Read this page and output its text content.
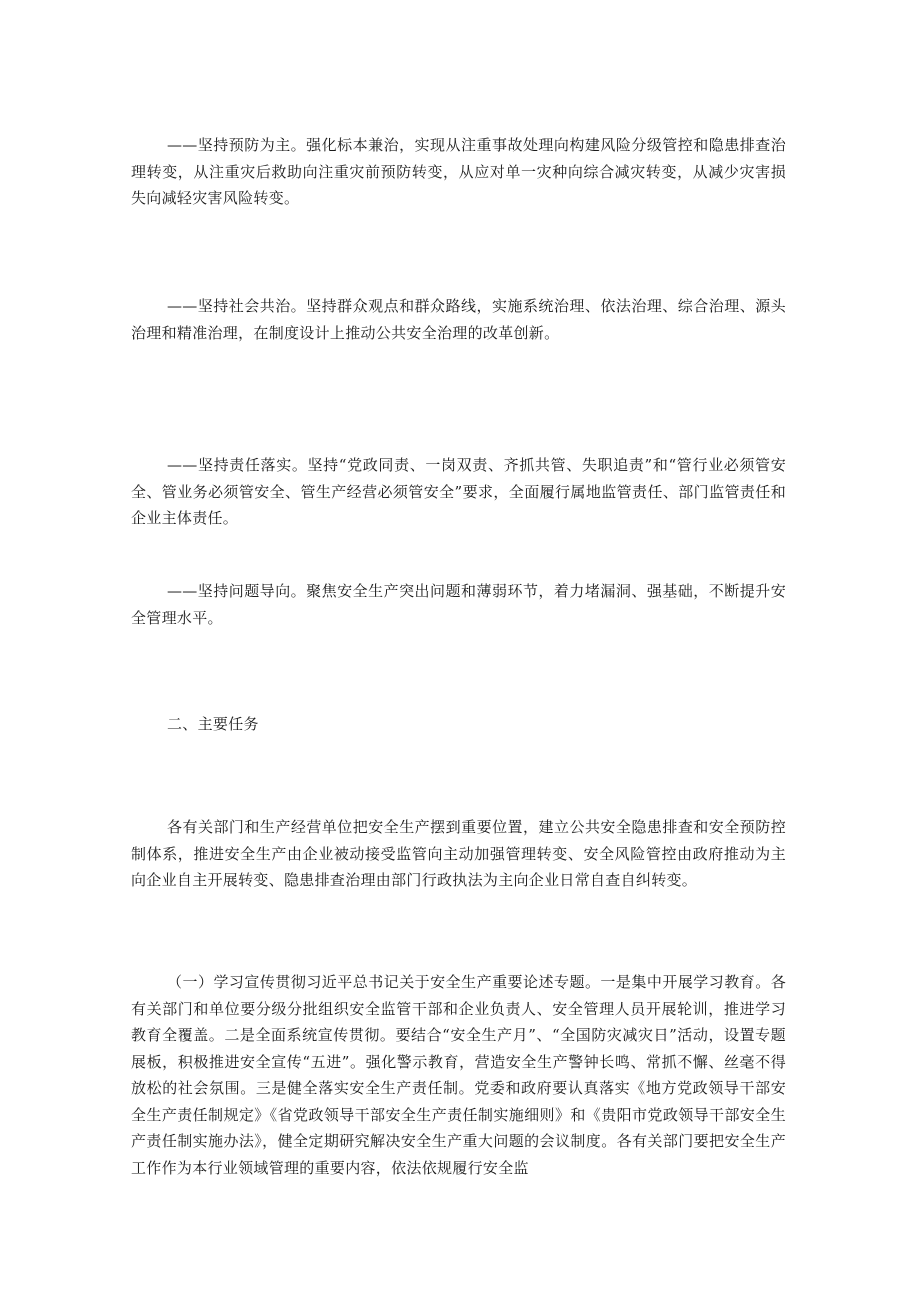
——坚持预防为主。强化标本兼治，实现从注重事故处理向构建风险分级管控和隐患排查治理转变，从注重灾后救助向注重灾前预防转变，从应对单一灾种向综合减灾转变，从减少灾害损失向减轻灾害风险转变。

——坚持社会共治。坚持群众观点和群众路线，实施系统治理、依法治理、综合治理、源头治理和精准治理，在制度设计上推动公共安全治理的改革创新。

——坚持责任落实。坚持“党政同责、一岗双责、齐抓共管、失职追责”和“管行业必须管安全、管业务必须管安全、管生产经营必须管安全”要求，全面履行属地监管责任、部门监管责任和企业主体责任。

——坚持问题导向。聚焦安全生产突出问题和薄弱环节，着力堵漏洞、强基础，不断提升安全管理水平。

二、主要任务

各有关部门和生产经营单位把安全生产摆到重要位置，建立公共安全隐患排查和安全预防控制体系，推进安全生产由企业被动接受监管向主动加强管理转变、安全风险管控由政府推动为主向企业自主开展转变、隐患排查治理由部门行政执法为主向企业日常自查自纠转变。

（一）学习宣传贯彻习近平总书记关于安全生产重要论述专题。一是集中开展学习教育。各有关部门和单位要分级分批组织安全监管干部和企业负责人、安全管理人员开展轮训，推进学习教育全覆盖。二是全面系统宣传贯彻。要结合“安全生产月”、“全国防灾减灾日”活动，设置专题展板，积极推进安全宣传“五进”。强化警示教育，营造安全生产警钟长鸣、常抓不懈、丝毫不得放松的社会氛围。三是健全落实安全生产责任制。党委和政府要认真落实《地方党政领导干部安全生产责任制规定》《省党政领导干部安全生产责任制实施细则》和《贵阳市党政领导干部安全生产责任制实施办法》，健全定期研究解决安全生产重大问题的会议制度。各有关部门要把安全生产工作作为本行业领域管理的重要内容，依法依规履行安全监
